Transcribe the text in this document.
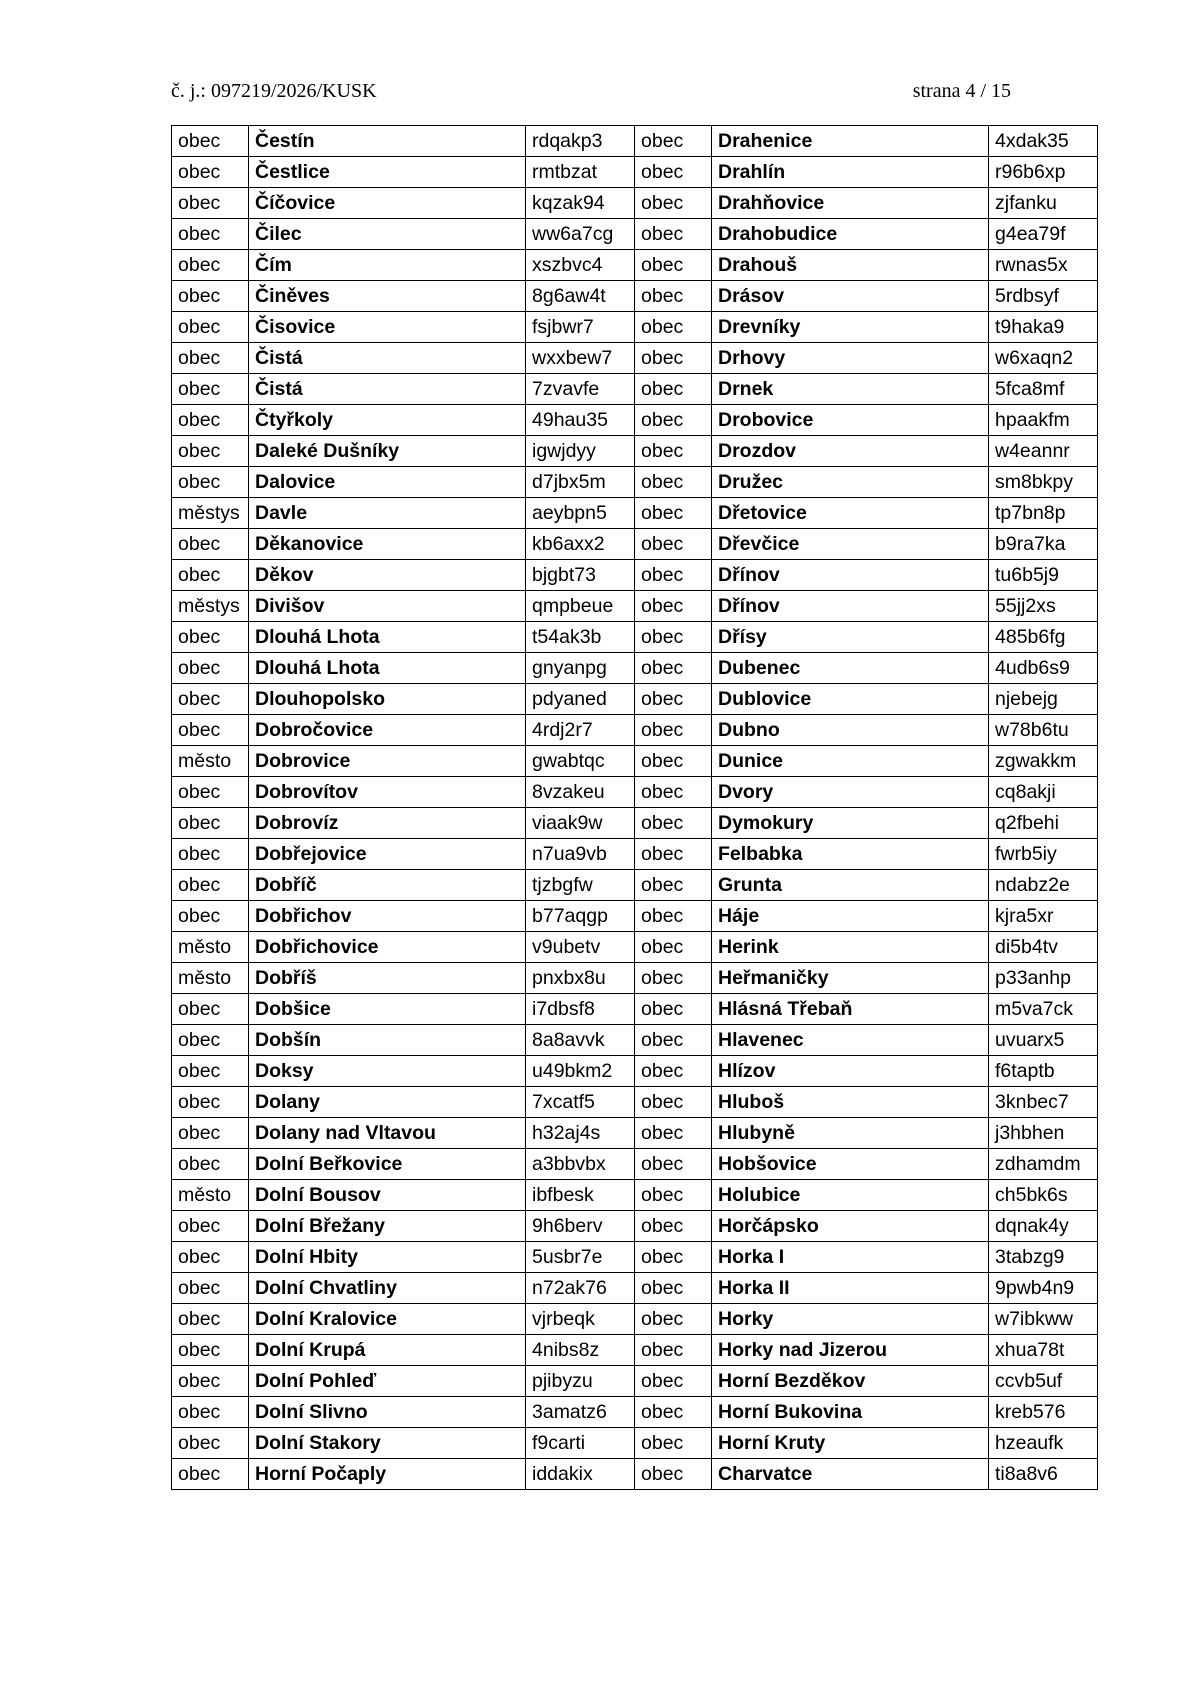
č. j.: 097219/2026/KUSK	strana 4 / 15
obec	Čestín	rdqakp3	obec	Drahenice	4xdak35
obec	Čestlice	rmtbzat	obec	Drahlín	r96b6xp
obec	Číčovice	kqzak94	obec	Drahňovice	zjfanku
obec	Čilec	ww6a7cg	obec	Drahobudice	g4ea79f
obec	Čím	xszbvc4	obec	Drahouš	rwnas5x
obec	Činěves	8g6aw4t	obec	Drásov	5rdbsyf
obec	Čisovice	fsjbwr7	obec	Drevníky	t9haka9
obec	Čistá	wxxbew7	obec	Drhovy	w6xaqn2
obec	Čistá	7zvavfe	obec	Drnek	5fca8mf
obec	Čtyřkoly	49hau35	obec	Drobovice	hpaakfm
obec	Daleké Dušníky	igwjdyy	obec	Drozdov	w4eannr
obec	Dalovice	d7jbx5m	obec	Družec	sm8bkpy
městys	Davle	aeybpn5	obec	Dřetovice	tp7bn8p
obec	Děkanovice	kb6axx2	obec	Dřevčice	b9ra7ka
obec	Děkov	bjgbt73	obec	Dřínov	tu6b5j9
městys	Divišov	qmpbeue	obec	Dřínov	55jj2xs
obec	Dlouhá Lhota	t54ak3b	obec	Dřísy	485b6fg
obec	Dlouhá Lhota	gnyanpg	obec	Dubenec	4udb6s9
obec	Dlouhopolsko	pdyaned	obec	Dublovice	njebejg
obec	Dobročovice	4rdj2r7	obec	Dubno	w78b6tu
město	Dobrovice	gwabtqc	obec	Dunice	zgwakkm
obec	Dobrovítov	8vzakeu	obec	Dvory	cq8akji
obec	Dobrovíz	viaak9w	obec	Dymokury	q2fbehi
obec	Dobřejovice	n7ua9vb	obec	Felbabka	fwrb5iy
obec	Dobříč	tjzbgfw	obec	Grunta	ndabz2e
obec	Dobřichov	b77aqgp	obec	Háje	kjra5xr
město	Dobřichovice	v9ubetv	obec	Herink	di5b4tv
město	Dobříš	pnxbx8u	obec	Heřmaničky	p33anhp
obec	Dobšice	i7dbsf8	obec	Hlásná Třebaň	m5va7ck
obec	Dobšín	8a8avvk	obec	Hlavenec	uvuarx5
obec	Doksy	u49bkm2	obec	Hlízov	f6taptb
obec	Dolany	7xcatf5	obec	Hluboš	3knbec7
obec	Dolany nad Vltavou	h32aj4s	obec	Hlubyně	j3hbhen
obec	Dolní Beřkovice	a3bbvbx	obec	Hobšovice	zdhamdm
město	Dolní Bousov	ibfbesk	obec	Holubice	ch5bk6s
obec	Dolní Břežany	9h6berv	obec	Horčápsko	dqnak4y
obec	Dolní Hbity	5usbr7e	obec	Horka I	3tabzg9
obec	Dolní Chvatliny	n72ak76	obec	Horka II	9pwb4n9
obec	Dolní Kralovice	vjrbeqk	obec	Horky	w7ibkww
obec	Dolní Krupá	4nibs8z	obec	Horky nad Jizerou	xhua78t
obec	Dolní Pohleď	pjibyzu	obec	Horní Bezděkov	ccvb5uf
obec	Dolní Slivno	3amatz6	obec	Horní Bukovina	kreb576
obec	Dolní Stakory	f9carti	obec	Horní Kruty	hzeaufk
obec	Horní Počaply	iddakix	obec	Charvatce	ti8a8v6
